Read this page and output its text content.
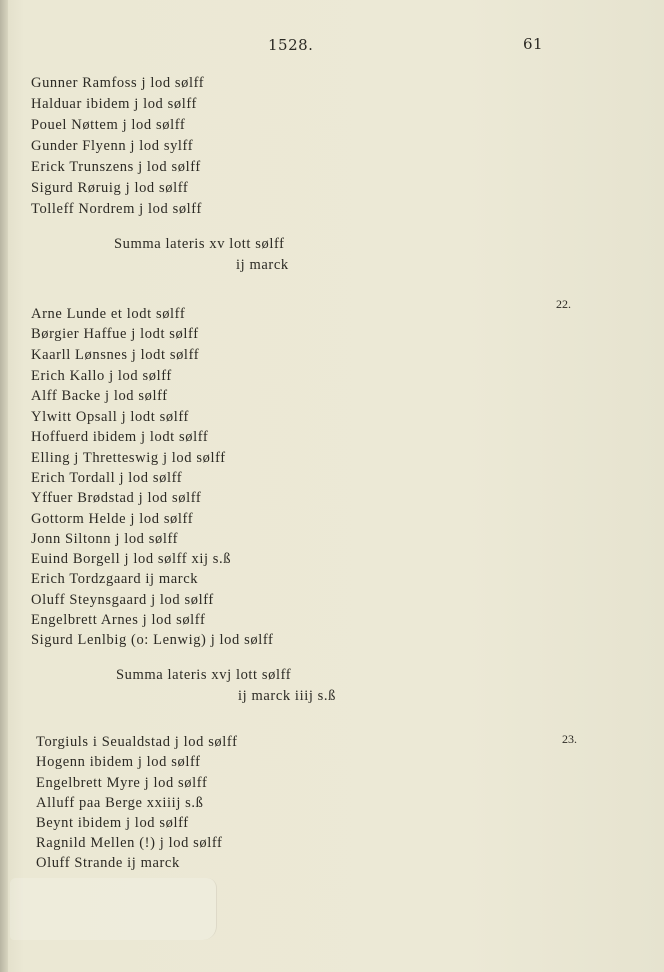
1528.	61
Gunner Ramfoss j lod sølff
Halduar ibidem j lod sølff
Pouel Nøttem j lod sølff
Gunder Flyenn j lod sylff
Erick Trunszens j lod sølff
Sigurd Røruig j lod sølff
Tolleff Nordrem j lod sølff
Summa lateris xv lott sølff
ij marck
22.
Arne Lunde et lodt sølff
Børgier Haffue j lodt sølff
Kaarll Lønsnes j lodt sølff
Erich Kallo j lod sølff
Alff Backe j lod sølff
Ylwitt Opsall j lodt sølff
Hoffuerd ibidem j lodt sølff
Elling j Thretteswig j lod sølff
Erich Tordall j lod sølff
Yffuer Brødstad j lod sølff
Gottorm Helde j lod sølff
Jonn Siltonn j lod sølff
Euind Borgell j lod sølff xij s.ß
Erich Tordzgaard ij marck
Oluff Steynsgaard j lod sølff
Engelbrett Arnes j lod sølff
Sigurd Lenlbig (o: Lenwig) j lod sølff
Summa lateris xvj lott sølff
ij marck iiij s.ß
23.
Torgiuls i Seualdstad j lod sølff
Hogenn ibidem j lod sølff
Engelbrett Myre j lod sølff
Alluff paa Berge xxiiij s.ß
Beynt ibidem j lod sølff
Ragnild Mellen (!) j lod sølff
Oluff Strande ij marck
